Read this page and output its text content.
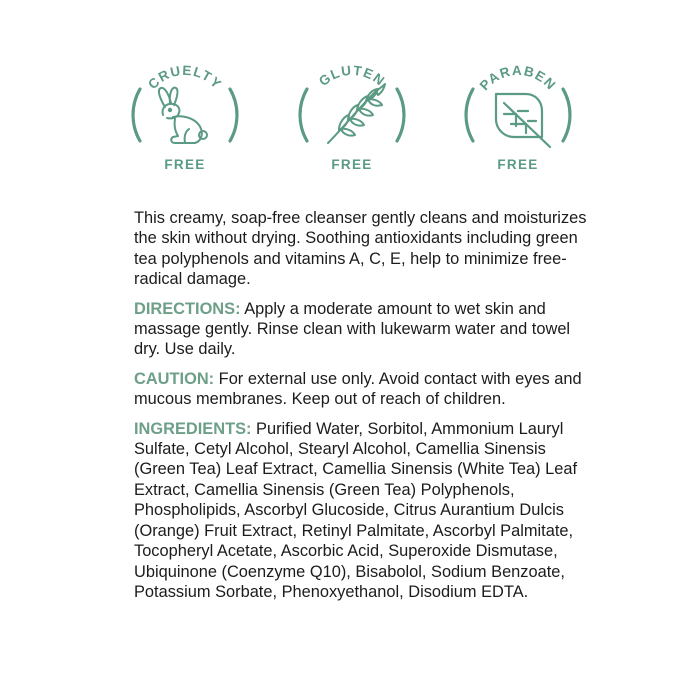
CRUELTY
FREE
GLUTEN
FREE
PARABEN
FREE

This creamy, soap-free cleanser gently cleans and moisturizes the skin without drying. Soothing antioxidants including green tea polyphenols and vitamins A, C, E, help to minimize free-radical damage.

DIRECTIONS: Apply a moderate amount to wet skin and massage gently. Rinse clean with lukewarm water and towel dry. Use daily.

CAUTION: For external use only. Avoid contact with eyes and mucous membranes. Keep out of reach of children.

INGREDIENTS: Purified Water, Sorbitol, Ammonium Lauryl Sulfate, Cetyl Alcohol, Stearyl Alcohol, Camellia Sinensis (Green Tea) Leaf Extract, Camellia Sinensis (White Tea) Leaf Extract, Camellia Sinensis (Green Tea) Polyphenols, Phospholipids, Ascorbyl Glucoside, Citrus Aurantium Dulcis (Orange) Fruit Extract, Retinyl Palmitate, Ascorbyl Palmitate, Tocopheryl Acetate, Ascorbic Acid, Superoxide Dismutase, Ubiquinone (Coenzyme Q10), Bisabolol, Sodium Benzoate, Potassium Sorbate, Phenoxyethanol, Disodium EDTA.
